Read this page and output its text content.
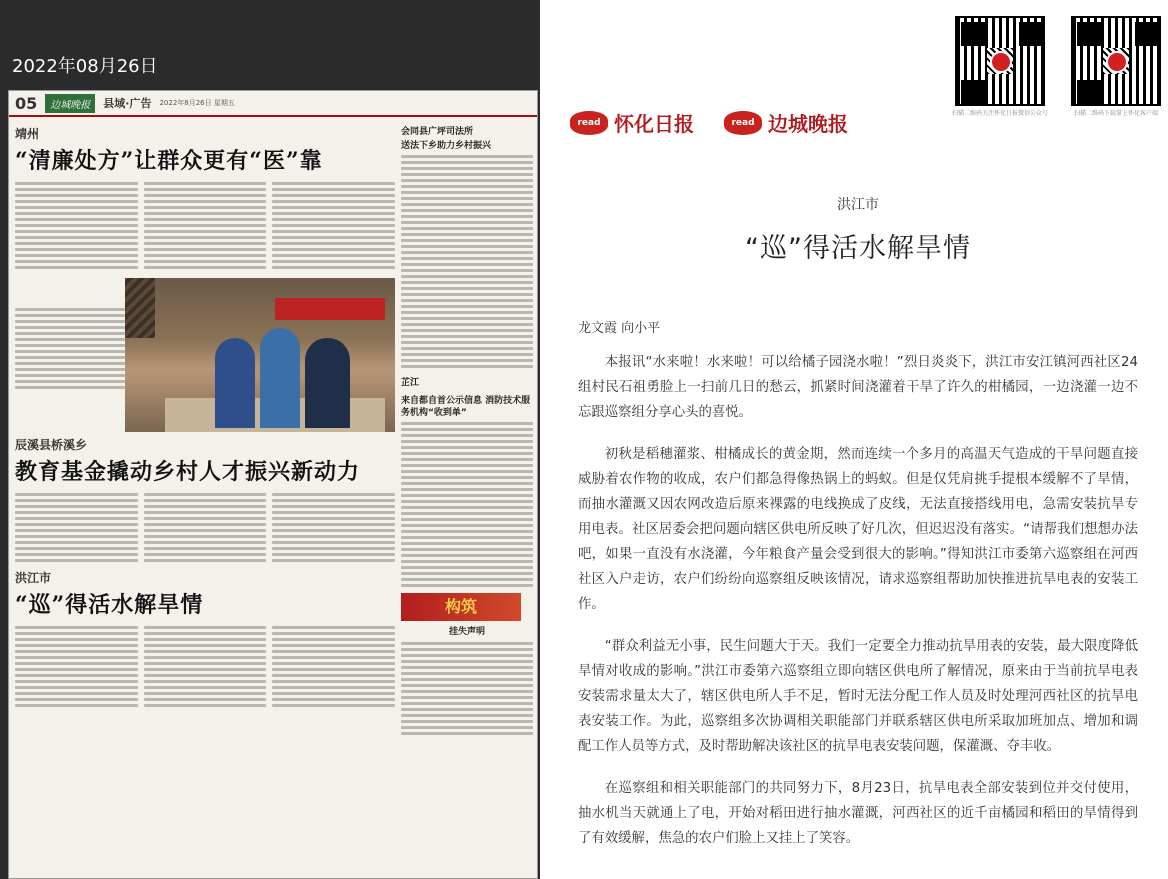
2022年08月26日
05	边城晚报	县域·广告 2022年8月26日 星期五
靖州
“清廉处方”让群众更有“医”靠
辰溪县桥溪乡
教育基金撬动乡村人才振兴新动力
洪江市
“巡”得活水解旱情
会同县广坪司法所
送法下乡助力乡村振兴
芷江
来自都自首公示信息 消防技术服务机构“收到单”
构筑
挂失声明
read 怀化日报	read 边城晚报	扫描二维码关注怀化日报微信公众号	扫描二维码下载掌上怀化客户端
洪江市
“巡”得活水解旱情
龙文霞 向小平

本报讯“水来啦！水来啦！可以给橘子园浇水啦！”烈日炎炎下，洪江市安江镇河西社区24组村民石祖勇脸上一扫前几日的愁云，抓紧时间浇灌着干旱了许久的柑橘园，一边浇灌一边不忘跟巡察组分享心头的喜悦。

初秋是稻穗灌浆、柑橘成长的黄金期，然而连续一个多月的高温天气造成的干旱问题直接威胁着农作物的收成，农户们都急得像热锅上的蚂蚁。但是仅凭肩挑手提根本缓解不了旱情，而抽水灌溉又因农网改造后原来裸露的电线换成了皮线，无法直接搭线用电，急需安装抗旱专用电表。社区居委会把问题向辖区供电所反映了好几次，但迟迟没有落实。“请帮我们想想办法吧，如果一直没有水浇灌，今年粮食产量会受到很大的影响。”得知洪江市委第六巡察组在河西社区入户走访，农户们纷纷向巡察组反映该情况，请求巡察组帮助加快推进抗旱电表的安装工作。

“群众利益无小事，民生问题大于天。我们一定要全力推动抗旱用表的安装，最大限度降低旱情对收成的影响。”洪江市委第六巡察组立即向辖区供电所了解情况，原来由于当前抗旱电表安装需求量太大了，辖区供电所人手不足，暂时无法分配工作人员及时处理河西社区的抗旱电表安装工作。为此，巡察组多次协调相关职能部门并联系辖区供电所采取加班加点、增加和调配工作人员等方式，及时帮助解决该社区的抗旱电表安装问题，保灌溉、夺丰收。

在巡察组和相关职能部门的共同努力下，8月23日，抗旱电表全部安装到位并交付使用，抽水机当天就通上了电，开始对稻田进行抽水灌溉，河西社区的近千亩橘园和稻田的旱情得到了有效缓解，焦急的农户们脸上又挂上了笑容。
